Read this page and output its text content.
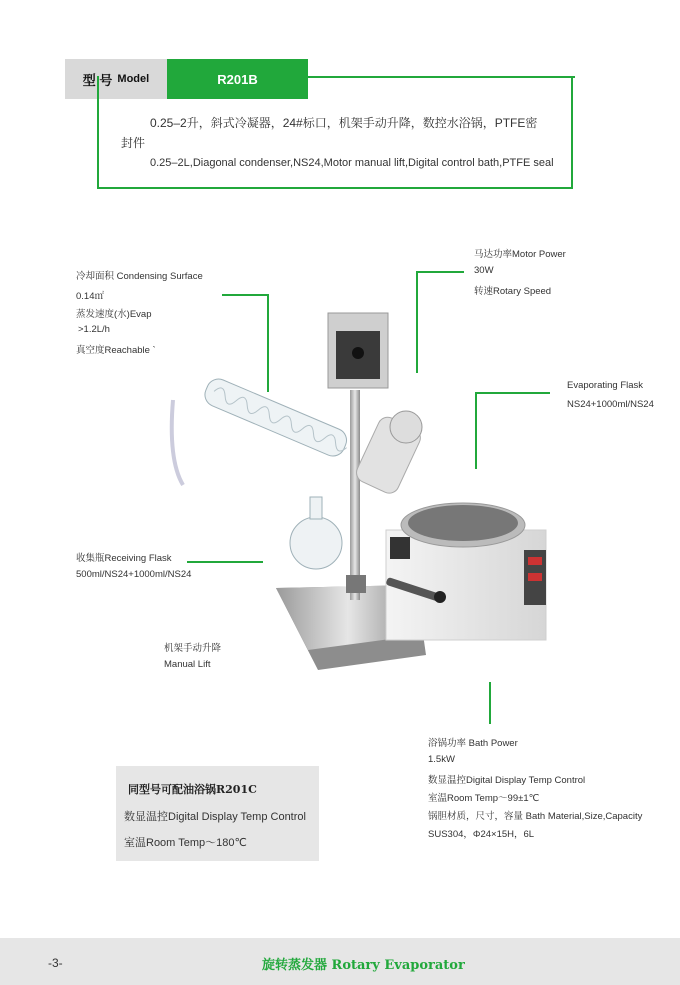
型 号 Model	R201B
0.25–2升，斜式冷凝器，24#标口，机架手动升降，数控水浴锅，PTFE密
封件
0.25–2L,Diagonal condenser,NS24,Motor manual lift,Digital control bath,PTFE seal
冷却面积 Condensing Surface
0.14㎡
蒸发速度(水)Evap
>1.2L/h
真空度Reachable `
马达功率Motor Power
30W
转速Rotary Speed
Evaporating Flask
NS24+1000ml/NS24
收集瓶Receiving Flask
500ml/NS24+1000ml/NS24
机架手动升降
Manual Lift
浴锅功率 Bath Power
1.5kW
数显温控Digital Display Temp Control
室温Room Temp～99±1℃
锅胆材质，尺寸，容量 Bath Material,Size,Capacity
SUS304，Φ24×15H，6L
同型号可配油浴锅R201C
数显温控Digital Display Temp Control
室温Room Temp～180℃
-3-	旋转蒸发器 Rotary Evaporator
